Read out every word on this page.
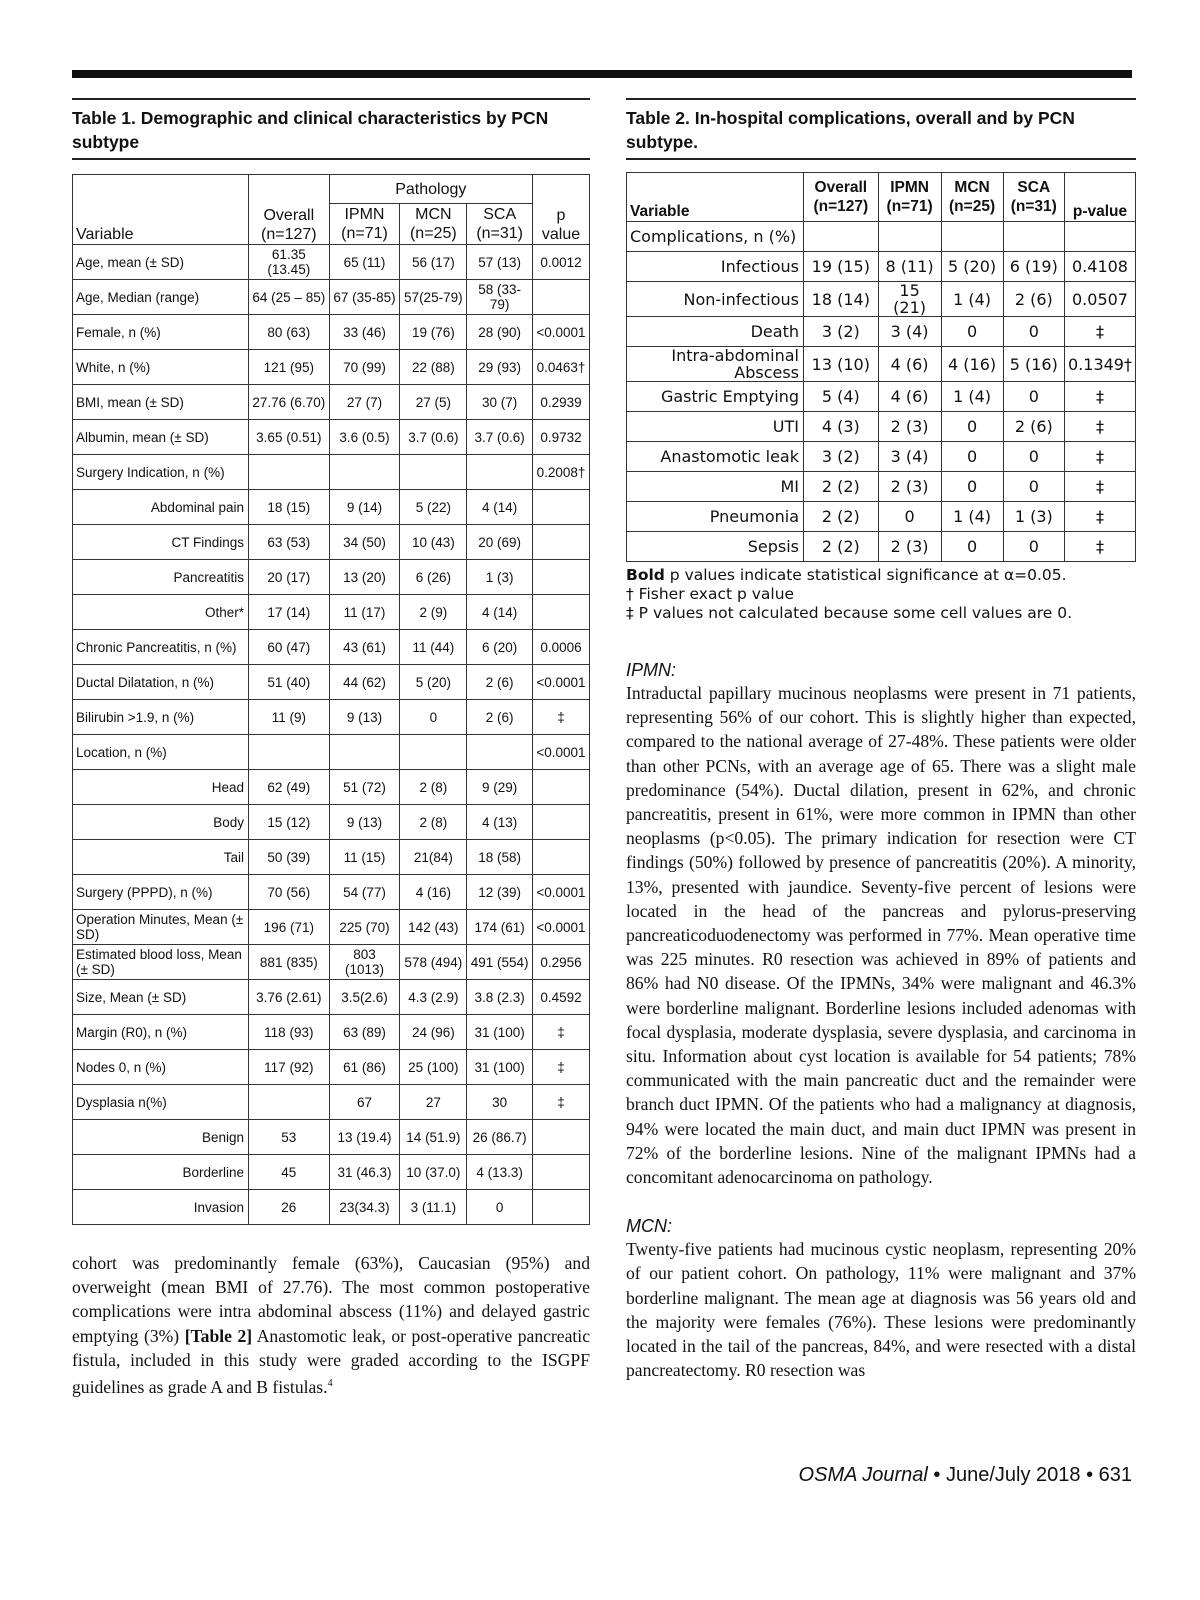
Table 1. Demographic and clinical characteristics by PCN subtype
Variable	Overall (n=127)	Pathology			p value
		IPMN (n=71)	MCN (n=25)	SCA (n=31)	
Age, mean (± SD)	61.35 (13.45)	65 (11)	56 (17)	57 (13)	0.0012
Age, Median (range)	64 (25 – 85)	67 (35-85)	57(25-79)	58 (33-79)	
Female, n (%)	80 (63)	33 (46)	19 (76)	28 (90)	<0.0001
White, n (%)	121 (95)	70 (99)	22 (88)	29 (93)	0.0463†
BMI, mean (± SD)	27.76 (6.70)	27 (7)	27 (5)	30 (7)	0.2939
Albumin, mean (± SD)	3.65 (0.51)	3.6 (0.5)	3.7 (0.6)	3.7 (0.6)	0.9732
Surgery Indication, n (%)					0.2008†
Abdominal pain	18 (15)	9 (14)	5 (22)	4 (14)	
CT Findings	63 (53)	34 (50)	10 (43)	20 (69)	
Pancreatitis	20 (17)	13 (20)	6 (26)	1 (3)	
Other*	17 (14)	11 (17)	2 (9)	4 (14)	
Chronic Pancreatitis, n (%)	60 (47)	43 (61)	11 (44)	6 (20)	0.0006
Ductal Dilatation, n (%)	51 (40)	44 (62)	5 (20)	2 (6)	<0.0001
Bilirubin >1.9, n (%)	11 (9)	9 (13)	0	2 (6)	‡
Location, n (%)					<0.0001
Head	62 (49)	51 (72)	2 (8)	9 (29)	
Body	15 (12)	9 (13)	2 (8)	4 (13)	
Tail	50 (39)	11 (15)	21(84)	18 (58)	
Surgery (PPPD), n (%)	70 (56)	54 (77)	4 (16)	12 (39)	<0.0001
Operation Minutes, Mean (± SD)	196 (71)	225 (70)	142 (43)	174 (61)	<0.0001
Estimated blood loss, Mean (± SD)	881 (835)	803 (1013)	578 (494)	491 (554)	0.2956
Size, Mean (± SD)	3.76 (2.61)	3.5(2.6)	4.3 (2.9)	3.8 (2.3)	0.4592
Margin (R0), n (%)	118 (93)	63 (89)	24 (96)	31 (100)	‡
Nodes 0, n (%)	117 (92)	61 (86)	25 (100)	31 (100)	‡
Dysplasia n(%)		67	27	30	‡
Benign	53	13 (19.4)	14 (51.9)	26 (86.7)	
Borderline	45	31 (46.3)	10 (37.0)	4 (13.3)	
Invasion	26	23(34.3)	3 (11.1)	0	

cohort was predominantly female (63%), Caucasian (95%) and overweight (mean BMI of 27.76). The most common postoperative complications were intra abdominal abscess (11%) and delayed gastric emptying (3%) [Table 2] Anastomotic leak, or post-operative pancreatic fistula, included in this study were graded according to the ISGPF guidelines as grade A and B fistulas.$^4$

Table 2. In-hospital complications, overall and by PCN subtype.
Variable	Overall (n=127)	IPMN (n=71)	MCN (n=25)	SCA (n=31)	p-value
Complications, n (%)					
Infectious	19 (15)	8 (11)	5 (20)	6 (19)	0.4108
Non-infectious	18 (14)	15 (21)	1 (4)	2 (6)	0.0507
Death	3 (2)	3 (4)	0	0	‡
Intra-abdominal Abscess	13 (10)	4 (6)	4 (16)	5 (16)	0.1349†
Gastric Emptying	5 (4)	4 (6)	1 (4)	0	‡
UTI	4 (3)	2 (3)	0	2 (6)	‡
Anastomotic leak	3 (2)	3 (4)	0	0	‡
MI	2 (2)	2 (3)	0	0	‡
Pneumonia	2 (2)	0	1 (4)	1 (3)	‡
Sepsis	2 (2)	2 (3)	0	0	‡
Bold p values indicate statistical significance at α=0.05.
† Fisher exact p value
‡ P values not calculated because some cell values are 0.

IPMN:

Intraductal papillary mucinous neoplasms were present in 71 patients, representing 56% of our cohort. This is slightly higher than expected, compared to the national average of 27-48%. These patients were older than other PCNs, with an average age of 65. There was a slight male predominance (54%). Ductal dilation, present in 62%, and chronic pancreatitis, present in 61%, were more common in IPMN than other neoplasms (p<0.05). The primary indication for resection were CT findings (50%) followed by presence of pancreatitis (20%). A minority, 13%, presented with jaundice. Seventy-five percent of lesions were located in the head of the pancreas and pylorus-preserving pancreaticoduodenectomy was performed in 77%. Mean operative time was 225 minutes. R0 resection was achieved in 89% of patients and 86% had N0 disease. Of the IPMNs, 34% were malignant and 46.3% were borderline malignant. Borderline lesions included adenomas with focal dysplasia, moderate dysplasia, severe dysplasia, and carcinoma in situ. Information about cyst location is available for 54 patients; 78% communicated with the main pancreatic duct and the remainder were branch duct IPMN. Of the patients who had a malignancy at diagnosis, 94% were located the main duct, and main duct IPMN was present in 72% of the borderline lesions. Nine of the malignant IPMNs had a concomitant adenocarcinoma on pathology.

MCN:

Twenty-five patients had mucinous cystic neoplasm, representing 20% of our patient cohort. On pathology, 11% were malignant and 37% borderline malignant. The mean age at diagnosis was 56 years old and the majority were females (76%). These lesions were predominantly located in the tail of the pancreas, 84%, and were resected with a distal pancreatectomy. R0 resection was

OSMA Journal • June/July 2018 • 631
